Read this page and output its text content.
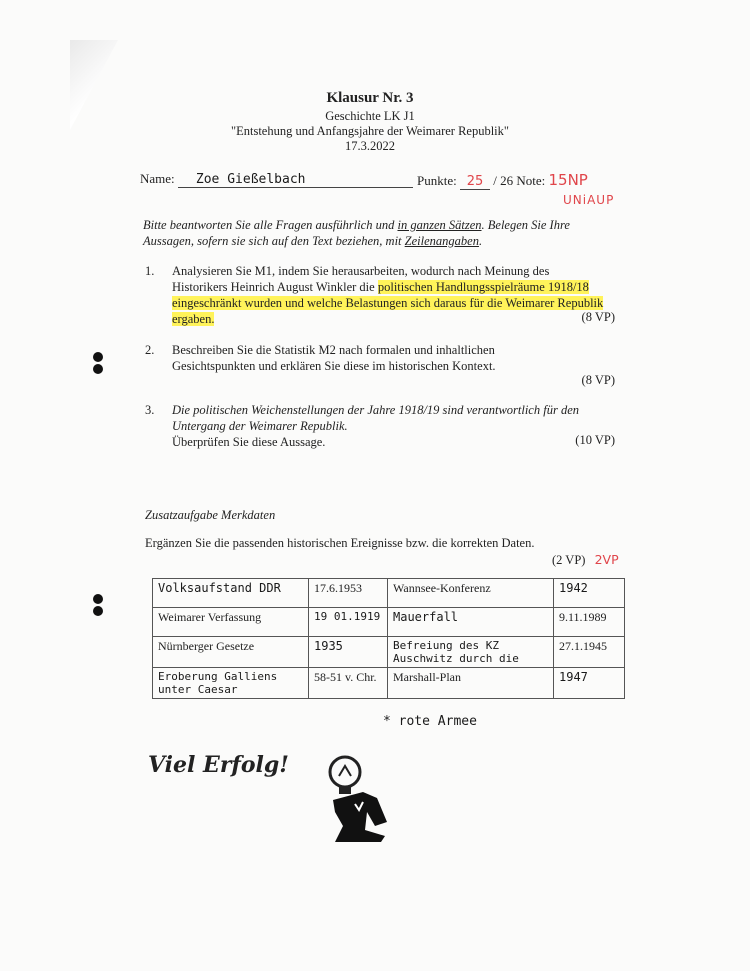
Klausur Nr. 3
Geschichte LK J1
"Entstehung und Anfangsjahre der Weimarer Republik"
17.3.2022
Name: Zoe Gießelbach	Punkte: 25 / 26 Note: 15NP
UNiAUP
Bitte beantworten Sie alle Fragen ausführlich und in ganzen Sätzen. Belegen Sie Ihre Aussagen, sofern sie sich auf den Text beziehen, mit Zeilenangaben.
1. Analysieren Sie M1, indem Sie herausarbeiten, wodurch nach Meinung des Historikers Heinrich August Winkler die politischen Handlungsspielräume 1918/18 eingeschränkt wurden und welche Belastungen sich daraus für die Weimarer Republik ergaben.	(8 VP)
2. Beschreiben Sie die Statistik M2 nach formalen und inhaltlichen Gesichtspunkten und erklären Sie diese im historischen Kontext.
(8 VP)
3. Die politischen Weichenstellungen der Jahre 1918/19 sind verantwortlich für den Untergang der Weimarer Republik.
Überprüfen Sie diese Aussage.	(10 VP)
Zusatzaufgabe Merkdaten
Ergänzen Sie die passenden historischen Ereignisse bzw. die korrekten Daten.
(2 VP) 2VP
Volksaufstand DDR	17.6.1953	Wannsee-Konferenz	1942
Weimarer Verfassung	19 01.1919	Mauerfall	9.11.1989
Nürnberger Gesetze	1935	Befreiung des KZ Auschwitz durch die	27.1.1945
Eroberung Galliens unter Caesar	58-51 v. Chr.	Marshall-Plan	1947
* rote Armee
Viel Erfolg!
